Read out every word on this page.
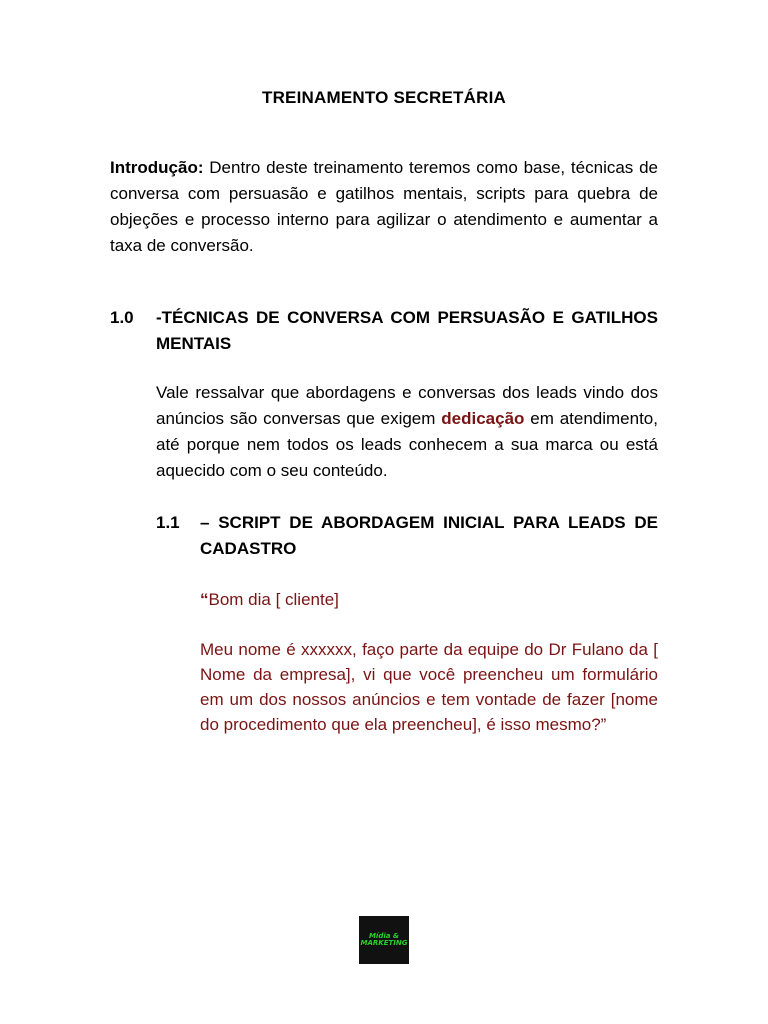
TREINAMENTO SECRETÁRIA

Introdução: Dentro deste treinamento teremos como base, técnicas de conversa com persuasão e gatilhos mentais, scripts para quebra de objeções e processo interno para agilizar o atendimento e aumentar a taxa de conversão.

1.0	-TÉCNICAS DE CONVERSA COM PERSUASÃO E GATILHOS MENTAIS

Vale ressalvar que abordagens e conversas dos leads vindo dos anúncios são conversas que exigem dedicação em atendimento, até porque nem todos os leads conhecem a sua marca ou está aquecido com o seu conteúdo.

1.1	– SCRIPT DE ABORDAGEM INICIAL PARA LEADS DE CADASTRO

“Bom dia [ cliente]

Meu nome é xxxxxx, faço parte da equipe do Dr Fulano da [ Nome da empresa], vi que você preencheu um formulário em um dos nossos anúncios e tem vontade de fazer [nome do procedimento que ela preencheu], é isso mesmo?”

Mídia &
MARKETING
